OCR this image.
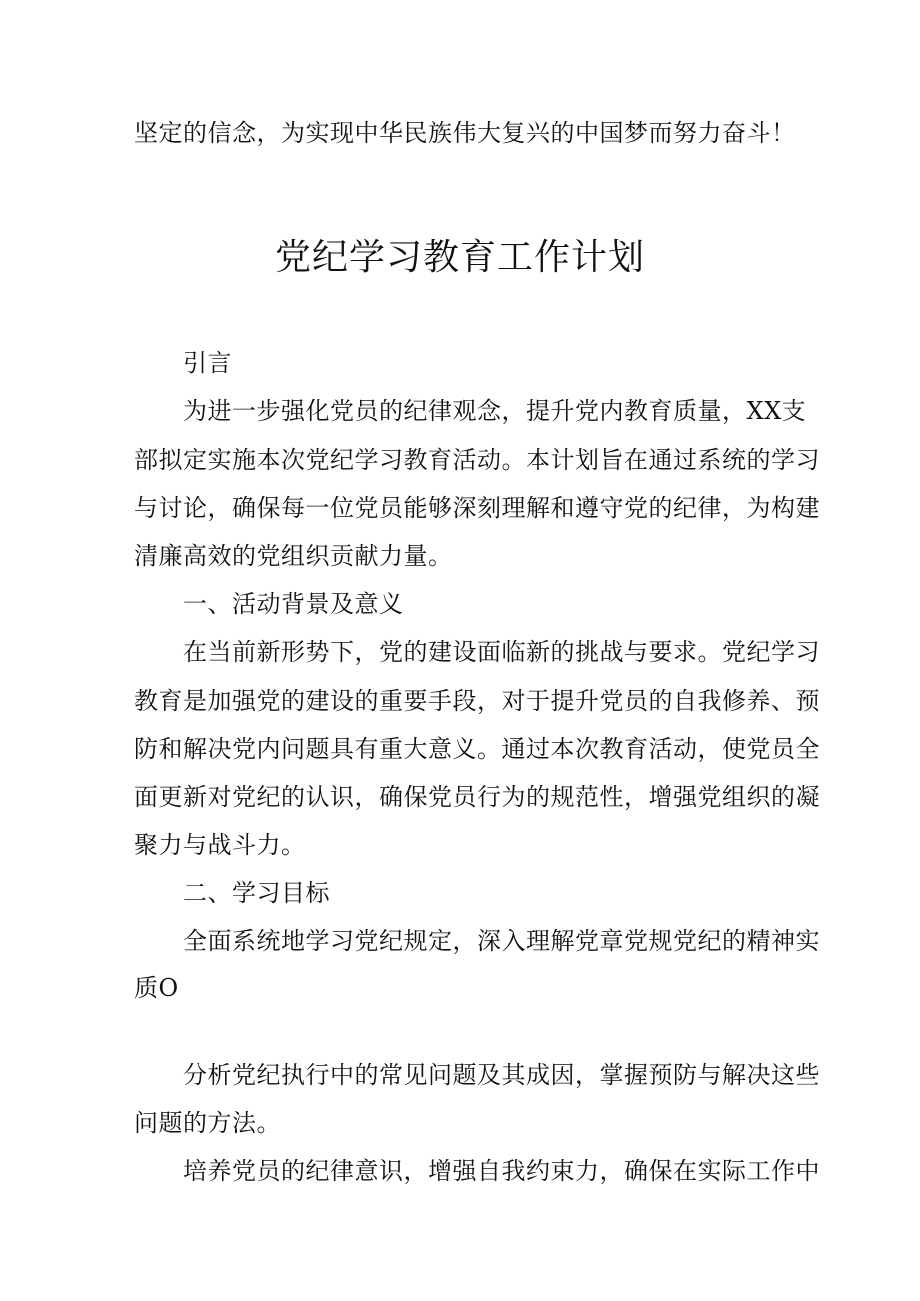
坚定的信念，为实现中华民族伟大复兴的中国梦而努力奋斗！
党纪学习教育工作计划
引言
为进一步强化党员的纪律观念，提升党内教育质量，XX支
部拟定实施本次党纪学习教育活动。本计划旨在通过系统的学习
与讨论，确保每一位党员能够深刻理解和遵守党的纪律，为构建
清廉高效的党组织贡献力量。
一、活动背景及意义
在当前新形势下，党的建设面临新的挑战与要求。党纪学习
教育是加强党的建设的重要手段，对于提升党员的自我修养、预
防和解决党内问题具有重大意义。通过本次教育活动，使党员全
面更新对党纪的认识，确保党员行为的规范性，增强党组织的凝
聚力与战斗力。
二、学习目标
全面系统地学习党纪规定，深入理解党章党规党纪的精神实
质O
分析党纪执行中的常见问题及其成因，掌握预防与解决这些
问题的方法。
培养党员的纪律意识，增强自我约束力，确保在实际工作中
